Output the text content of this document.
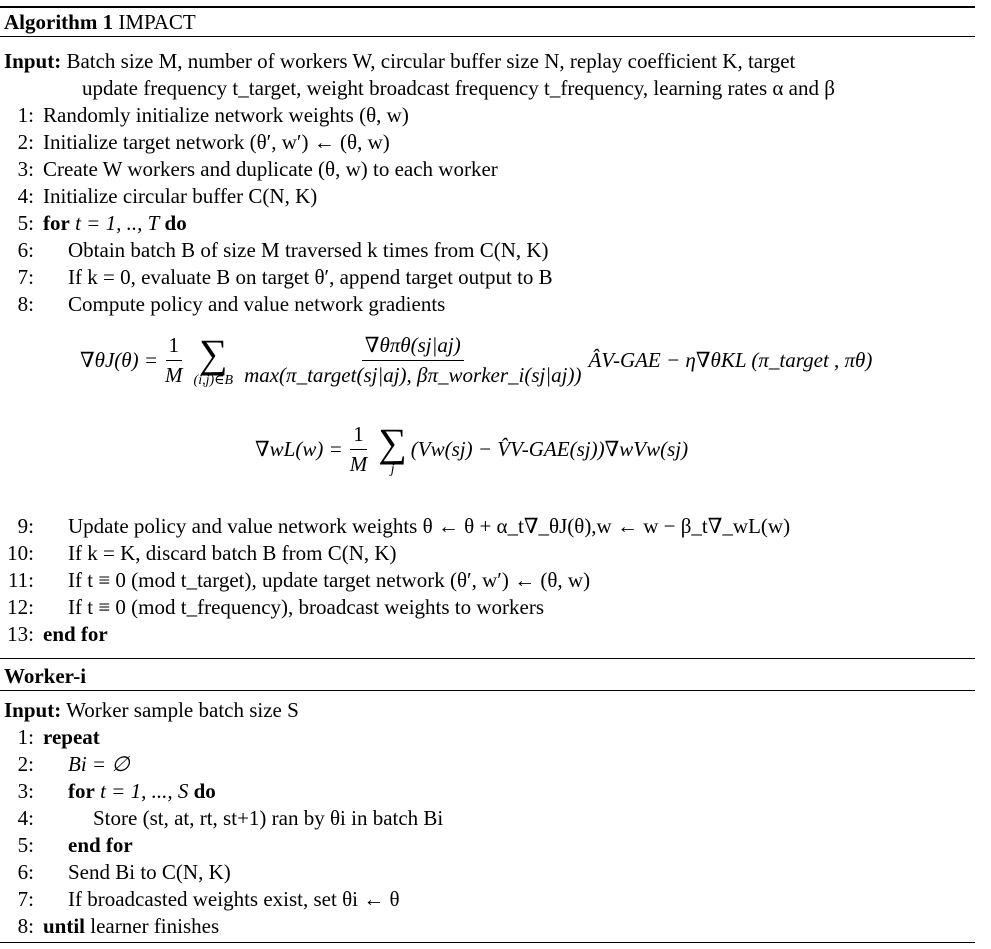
Algorithm 1 IMPACT
Input: Batch size M, number of workers W, circular buffer size N, replay coefficient K, target
update frequency t_target, weight broadcast frequency t_frequency, learning rates α and β
1: Randomly initialize network weights (θ, w)
2: Initialize target network (θ′, w′) ← (θ, w)
3: Create W workers and duplicate (θ, w) to each worker
4: Initialize circular buffer C(N, K)
5: for t = 1, .., T do
6: Obtain batch B of size M traversed k times from C(N, K)
7: If k = 0, evaluate B on target θ′, append target output to B
8: Compute policy and value network gradients
$\nabla\theta J(\theta) = \frac{1}{M}$ ∑
(i,j)∈B $\frac{\text{∇θπθ(sj|aj)}}{\text{max(π\_target(sj|aj), βπ\_worker\_i(sj|aj))}}$ ÂV-GAE − η∇θKL (π_target , πθ)
$\nabla wL(w) = \frac{1}{M}$ ∑
j
(Vw(sj) − V̂V-GAE(sj))∇wVw(sj)
9: Update policy and value network weights θ ← θ + α_t∇_θJ(θ),w ← w − β_t∇_wL(w)
10: If k = K, discard batch B from C(N, K)
11: If t ≡ 0 (mod t_target), update target network (θ′, w′) ← (θ, w)
12: If t ≡ 0 (mod t_frequency), broadcast weights to workers
13: end for
Worker-i
Input: Worker sample batch size S
1: repeat
2: Bi = ∅
3: for t = 1, ..., S do
4:	Store (st, at, rt, st+1) ran by θi in batch Bi
5: end for
6: Send Bi to C(N, K)
7: If broadcasted weights exist, set θi ← θ
8: until learner finishes
